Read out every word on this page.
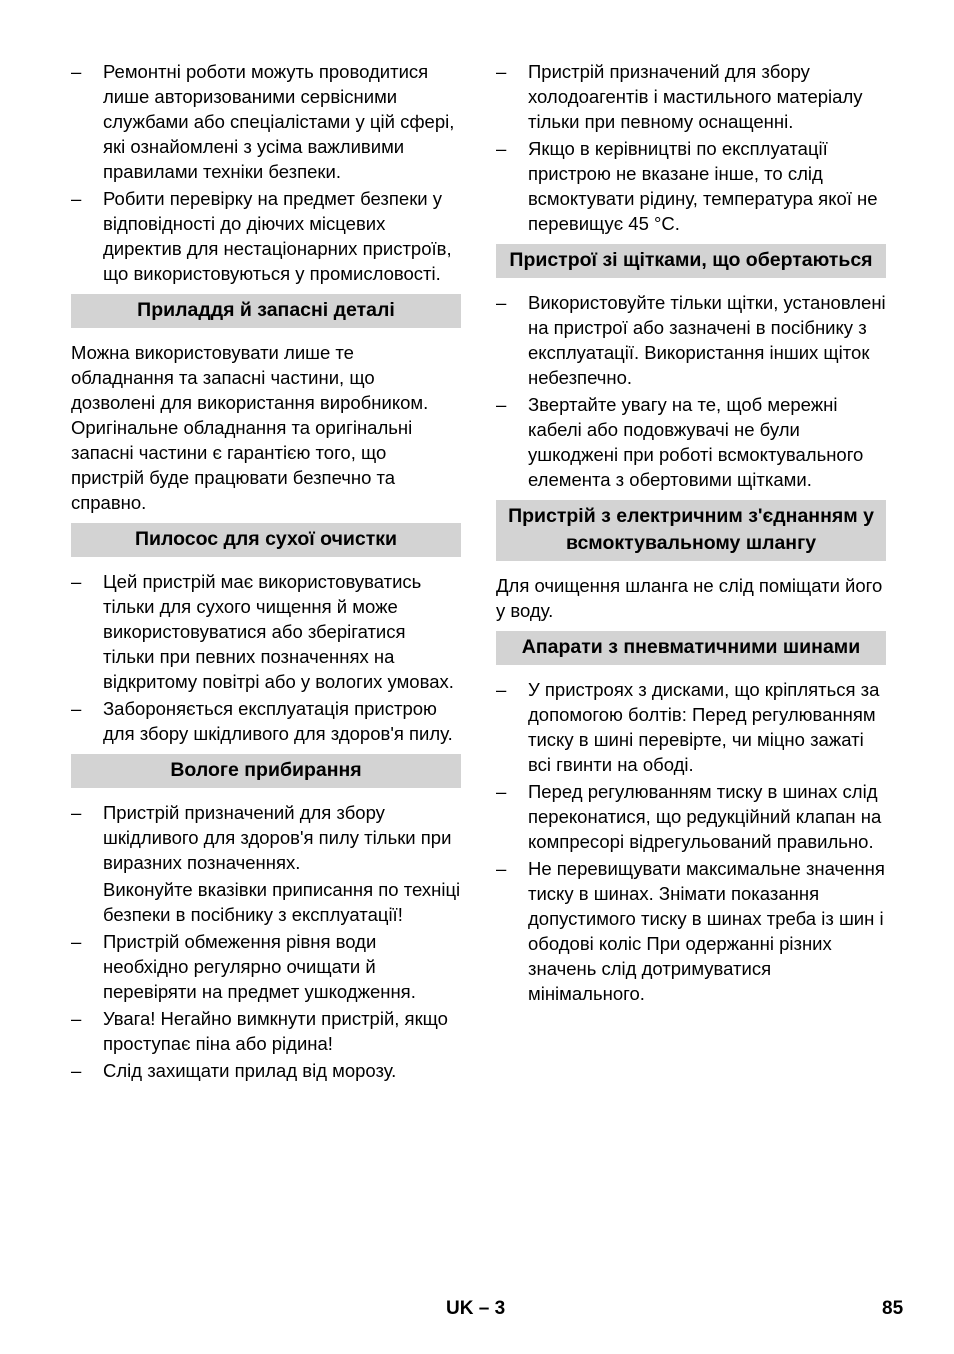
–	Ремонтні роботи можуть проводитися лише авторизованими сервісними службами або спеціалістами у цій сфері, які ознайомлені з усіма важливими правилами техніки безпеки.
–	Робити перевірку на предмет безпеки у відповідності до діючих місцевих директив для нестаціонарних пристроїв, що використовуються у промисловості.
Приладдя й запасні деталі
Можна використовувати лише те обладнання та запасні частини, що дозволені для використання виробником. Оригінальне обладнання та оригінальні запасні частини є гарантією того, що пристрій буде працювати безпечно та справно.
Пилосос для сухої очистки
–	Цей пристрій має використовуватись тільки для сухого чищення й може використовуватися або зберігатися тільки при певних позначеннях на відкритому повітрі або у вологих умовах.
–	Забороняється експлуатація пристрою для збору шкідливого для здоров'я пилу.
Вологе прибирання
–	Пристрій призначений для збору шкідливого для здоров'я пилу тільки при виразних позначеннях.
Виконуйте вказівки приписання по техніці безпеки в посібнику з експлуатації!
–	Пристрій обмеження рівня води необхідно регулярно очищати й перевіряти на предмет ушкодження.
–	Увага! Негайно вимкнути пристрій, якщо проступає піна або рідина!
–	Слід захищати прилад від морозу.
–	Пристрій призначений для збору холодоагентів і мастильного матеріалу тільки при певному оснащенні.
–	Якщо в керівництві по експлуатації пристрою не вказане інше, то слід всмоктувати рідину, температура якої не перевищує 45 °C.
Пристрої зі щітками, що обертаються
–	Використовуйте тільки щітки, установлені на пристрої або зазначені в посібнику з експлуатації. Використання інших щіток небезпечно.
–	Звертайте увагу на те, щоб мережні кабелі або подовжувачі не були ушкоджені при роботі всмоктувального елемента з обертовими щітками.
Пристрій з електричним з'єднанням у всмоктувальному шлангу
Для очищення шланга не слід поміщати його у воду.
Апарати з пневматичними шинами
–	У пристроях з дисками, що кріпляться за допомогою болтів: Перед регулюванням тиску в шині перевірте, чи міцно зажаті всі гвинти на ободі.
–	Перед регулюванням тиску в шинах слід переконатися, що редукційний клапан на компресорі відрегульований правильно.
–	Не перевищувати максимальне значення тиску в шинах. Знімати показання допустимого тиску в шинах треба із шин і ободові коліс При одержанні різних значень слід дотримуватися мінімального.
UK – 3	85
